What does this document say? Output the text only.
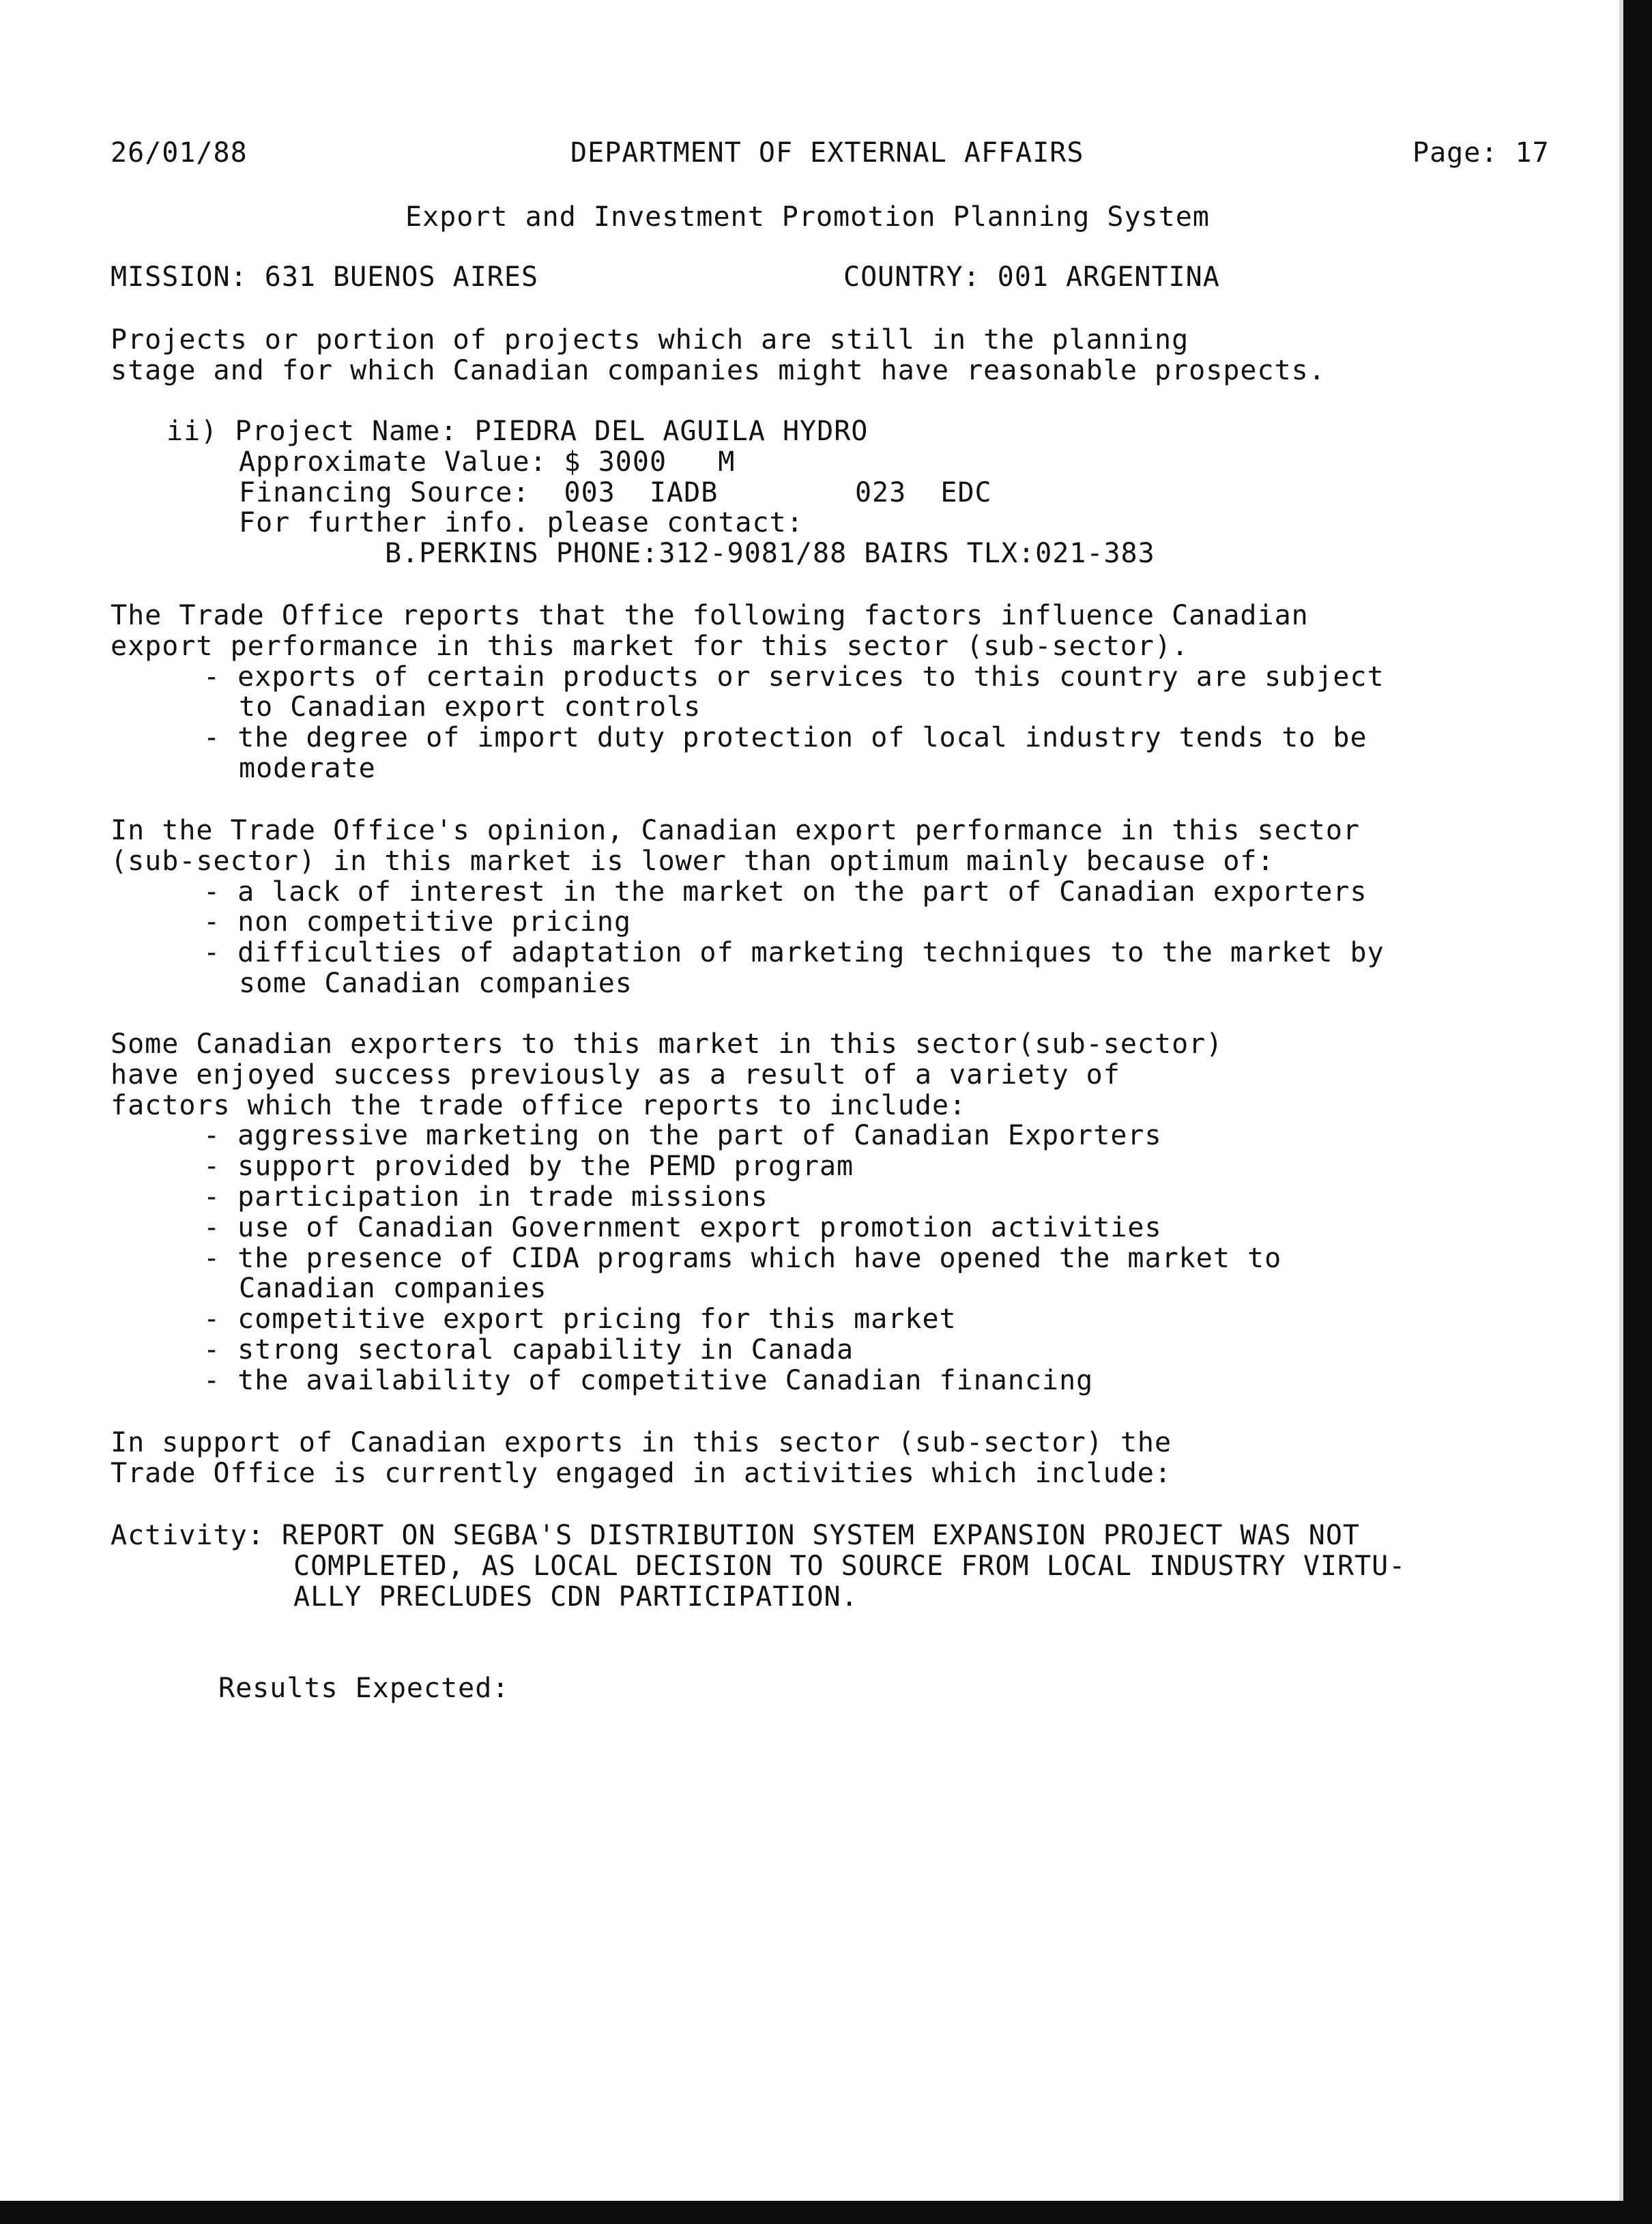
26/01/88	DEPARTMENT OF EXTERNAL AFFAIRS	Page: 17
Export and Investment Promotion Planning System
MISSION: 631 BUENOS AIRES	COUNTRY: 001 ARGENTINA
Projects or portion of projects which are still in the planning
stage and for which Canadian companies might have reasonable prospects.
ii) Project Name: PIEDRA DEL AGUILA HYDRO
Approximate Value: $ 3000   M
Financing Source:  003  IADB        023  EDC
For further info. please contact:
B.PERKINS PHONE:312-9081/88 BAIRS TLX:021-383
The Trade Office reports that the following factors influence Canadian
export performance in this market for this sector (sub-sector).
- exports of certain products or services to this country are subject
to Canadian export controls
- the degree of import duty protection of local industry tends to be
moderate
In the Trade Office's opinion, Canadian export performance in this sector
(sub-sector) in this market is lower than optimum mainly because of:
- a lack of interest in the market on the part of Canadian exporters
- non competitive pricing
- difficulties of adaptation of marketing techniques to the market by
some Canadian companies
Some Canadian exporters to this market in this sector(sub-sector)
have enjoyed success previously as a result of a variety of
factors which the trade office reports to include:
- aggressive marketing on the part of Canadian Exporters
- support provided by the PEMD program
- participation in trade missions
- use of Canadian Government export promotion activities
- the presence of CIDA programs which have opened the market to
Canadian companies
- competitive export pricing for this market
- strong sectoral capability in Canada
- the availability of competitive Canadian financing
In support of Canadian exports in this sector (sub-sector) the
Trade Office is currently engaged in activities which include:
Activity: REPORT ON SEGBA'S DISTRIBUTION SYSTEM EXPANSION PROJECT WAS NOT
COMPLETED, AS LOCAL DECISION TO SOURCE FROM LOCAL INDUSTRY VIRTU-
ALLY PRECLUDES CDN PARTICIPATION.
Results Expected:
